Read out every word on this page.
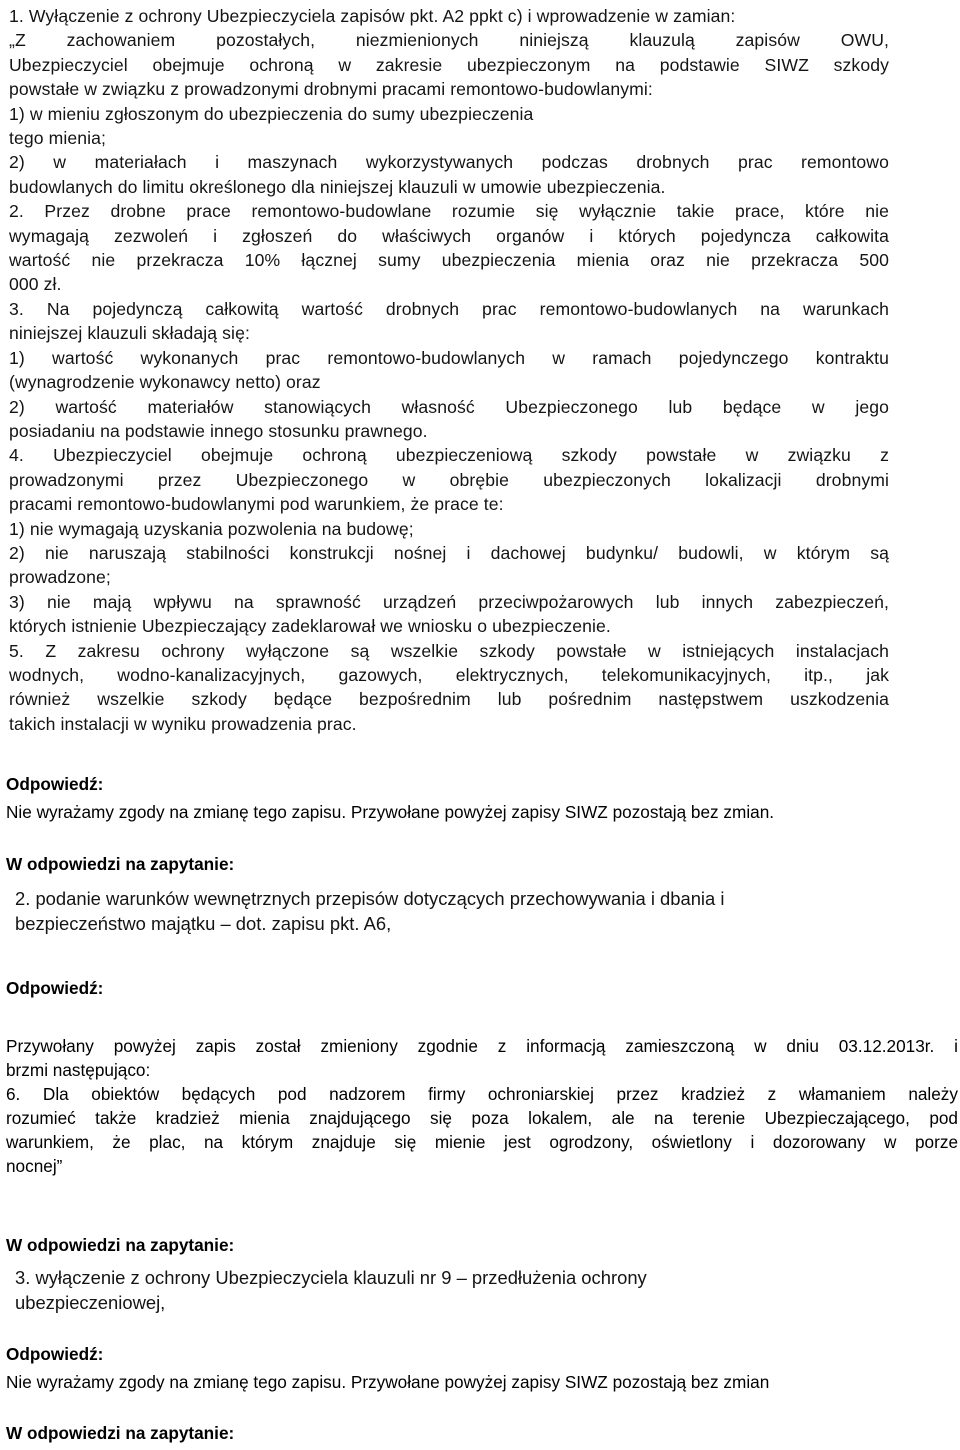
1. Wyłączenie z ochrony Ubezpieczyciela zapisów pkt. A2 ppkt c) i wprowadzenie w zamian:
„Z zachowaniem pozostałych, niezmienionych niniejszą klauzulą zapisów OWU,
Ubezpieczyciel obejmuje ochroną w zakresie ubezpieczonym na podstawie SIWZ szkody
powstałe w związku z prowadzonymi drobnymi pracami remontowo-budowlanymi:
1) w mieniu zgłoszonym do ubezpieczenia do sumy ubezpieczenia
tego mienia;
2) w materiałach i maszynach wykorzystywanych podczas drobnych prac remontowo
budowlanych do limitu określonego dla niniejszej klauzuli w umowie ubezpieczenia.
2. Przez drobne prace remontowo-budowlane rozumie się wyłącznie takie prace, które nie
wymagają zezwoleń i zgłoszeń do właściwych organów i których pojedyncza całkowita
wartość nie przekracza 10% łącznej sumy ubezpieczenia mienia oraz nie przekracza 500
000 zł.
3. Na pojedynczą całkowitą wartość drobnych prac remontowo-budowlanych na warunkach
niniejszej klauzuli składają się:
1) wartość wykonanych prac remontowo-budowlanych w ramach pojedynczego kontraktu
(wynagrodzenie wykonawcy netto) oraz
2) wartość materiałów stanowiących własność Ubezpieczonego lub będące w jego
posiadaniu na podstawie innego stosunku prawnego.
4. Ubezpieczyciel obejmuje ochroną ubezpieczeniową szkody powstałe w związku z
prowadzonymi przez Ubezpieczonego w obrębie ubezpieczonych lokalizacji drobnymi
pracami remontowo-budowlanymi pod warunkiem, że prace te:
1) nie wymagają uzyskania pozwolenia na budowę;
2) nie naruszają stabilności konstrukcji nośnej i dachowej budynku/ budowli, w którym są
prowadzone;
3) nie mają wpływu na sprawność urządzeń przeciwpożarowych lub innych zabezpieczeń,
których istnienie Ubezpieczający zadeklarował we wniosku o ubezpieczenie.
5. Z zakresu ochrony wyłączone są wszelkie szkody powstałe w istniejących instalacjach
wodnych, wodno-kanalizacyjnych, gazowych, elektrycznych, telekomunikacyjnych, itp., jak
również wszelkie szkody będące bezpośrednim lub pośrednim następstwem uszkodzenia
takich instalacji w wyniku prowadzenia prac.
Odpowiedź:
Nie wyrażamy zgody na zmianę tego zapisu. Przywołane powyżej zapisy SIWZ pozostają bez zmian.
W odpowiedzi na zapytanie:
2. podanie warunków wewnętrznych przepisów dotyczących przechowywania i dbania i
bezpieczeństwo majątku – dot. zapisu pkt. A6,
Odpowiedź:
Przywołany powyżej zapis został zmieniony zgodnie z informacją zamieszczoną w dniu 03.12.2013r. i
brzmi następująco:
6. Dla obiektów będących pod nadzorem firmy ochroniarskiej przez kradzież z włamaniem należy
rozumieć także kradzież mienia znajdującego się poza lokalem, ale na terenie Ubezpieczającego, pod
warunkiem, że plac, na którym znajduje się mienie jest ogrodzony, oświetlony i dozorowany w porze
nocnej”
W odpowiedzi na zapytanie:
3. wyłączenie z ochrony Ubezpieczyciela klauzuli nr 9 – przedłużenia ochrony
ubezpieczeniowej,
Odpowiedź:
Nie wyrażamy zgody na zmianę tego zapisu. Przywołane powyżej zapisy SIWZ pozostają bez zmian
W odpowiedzi na zapytanie:
